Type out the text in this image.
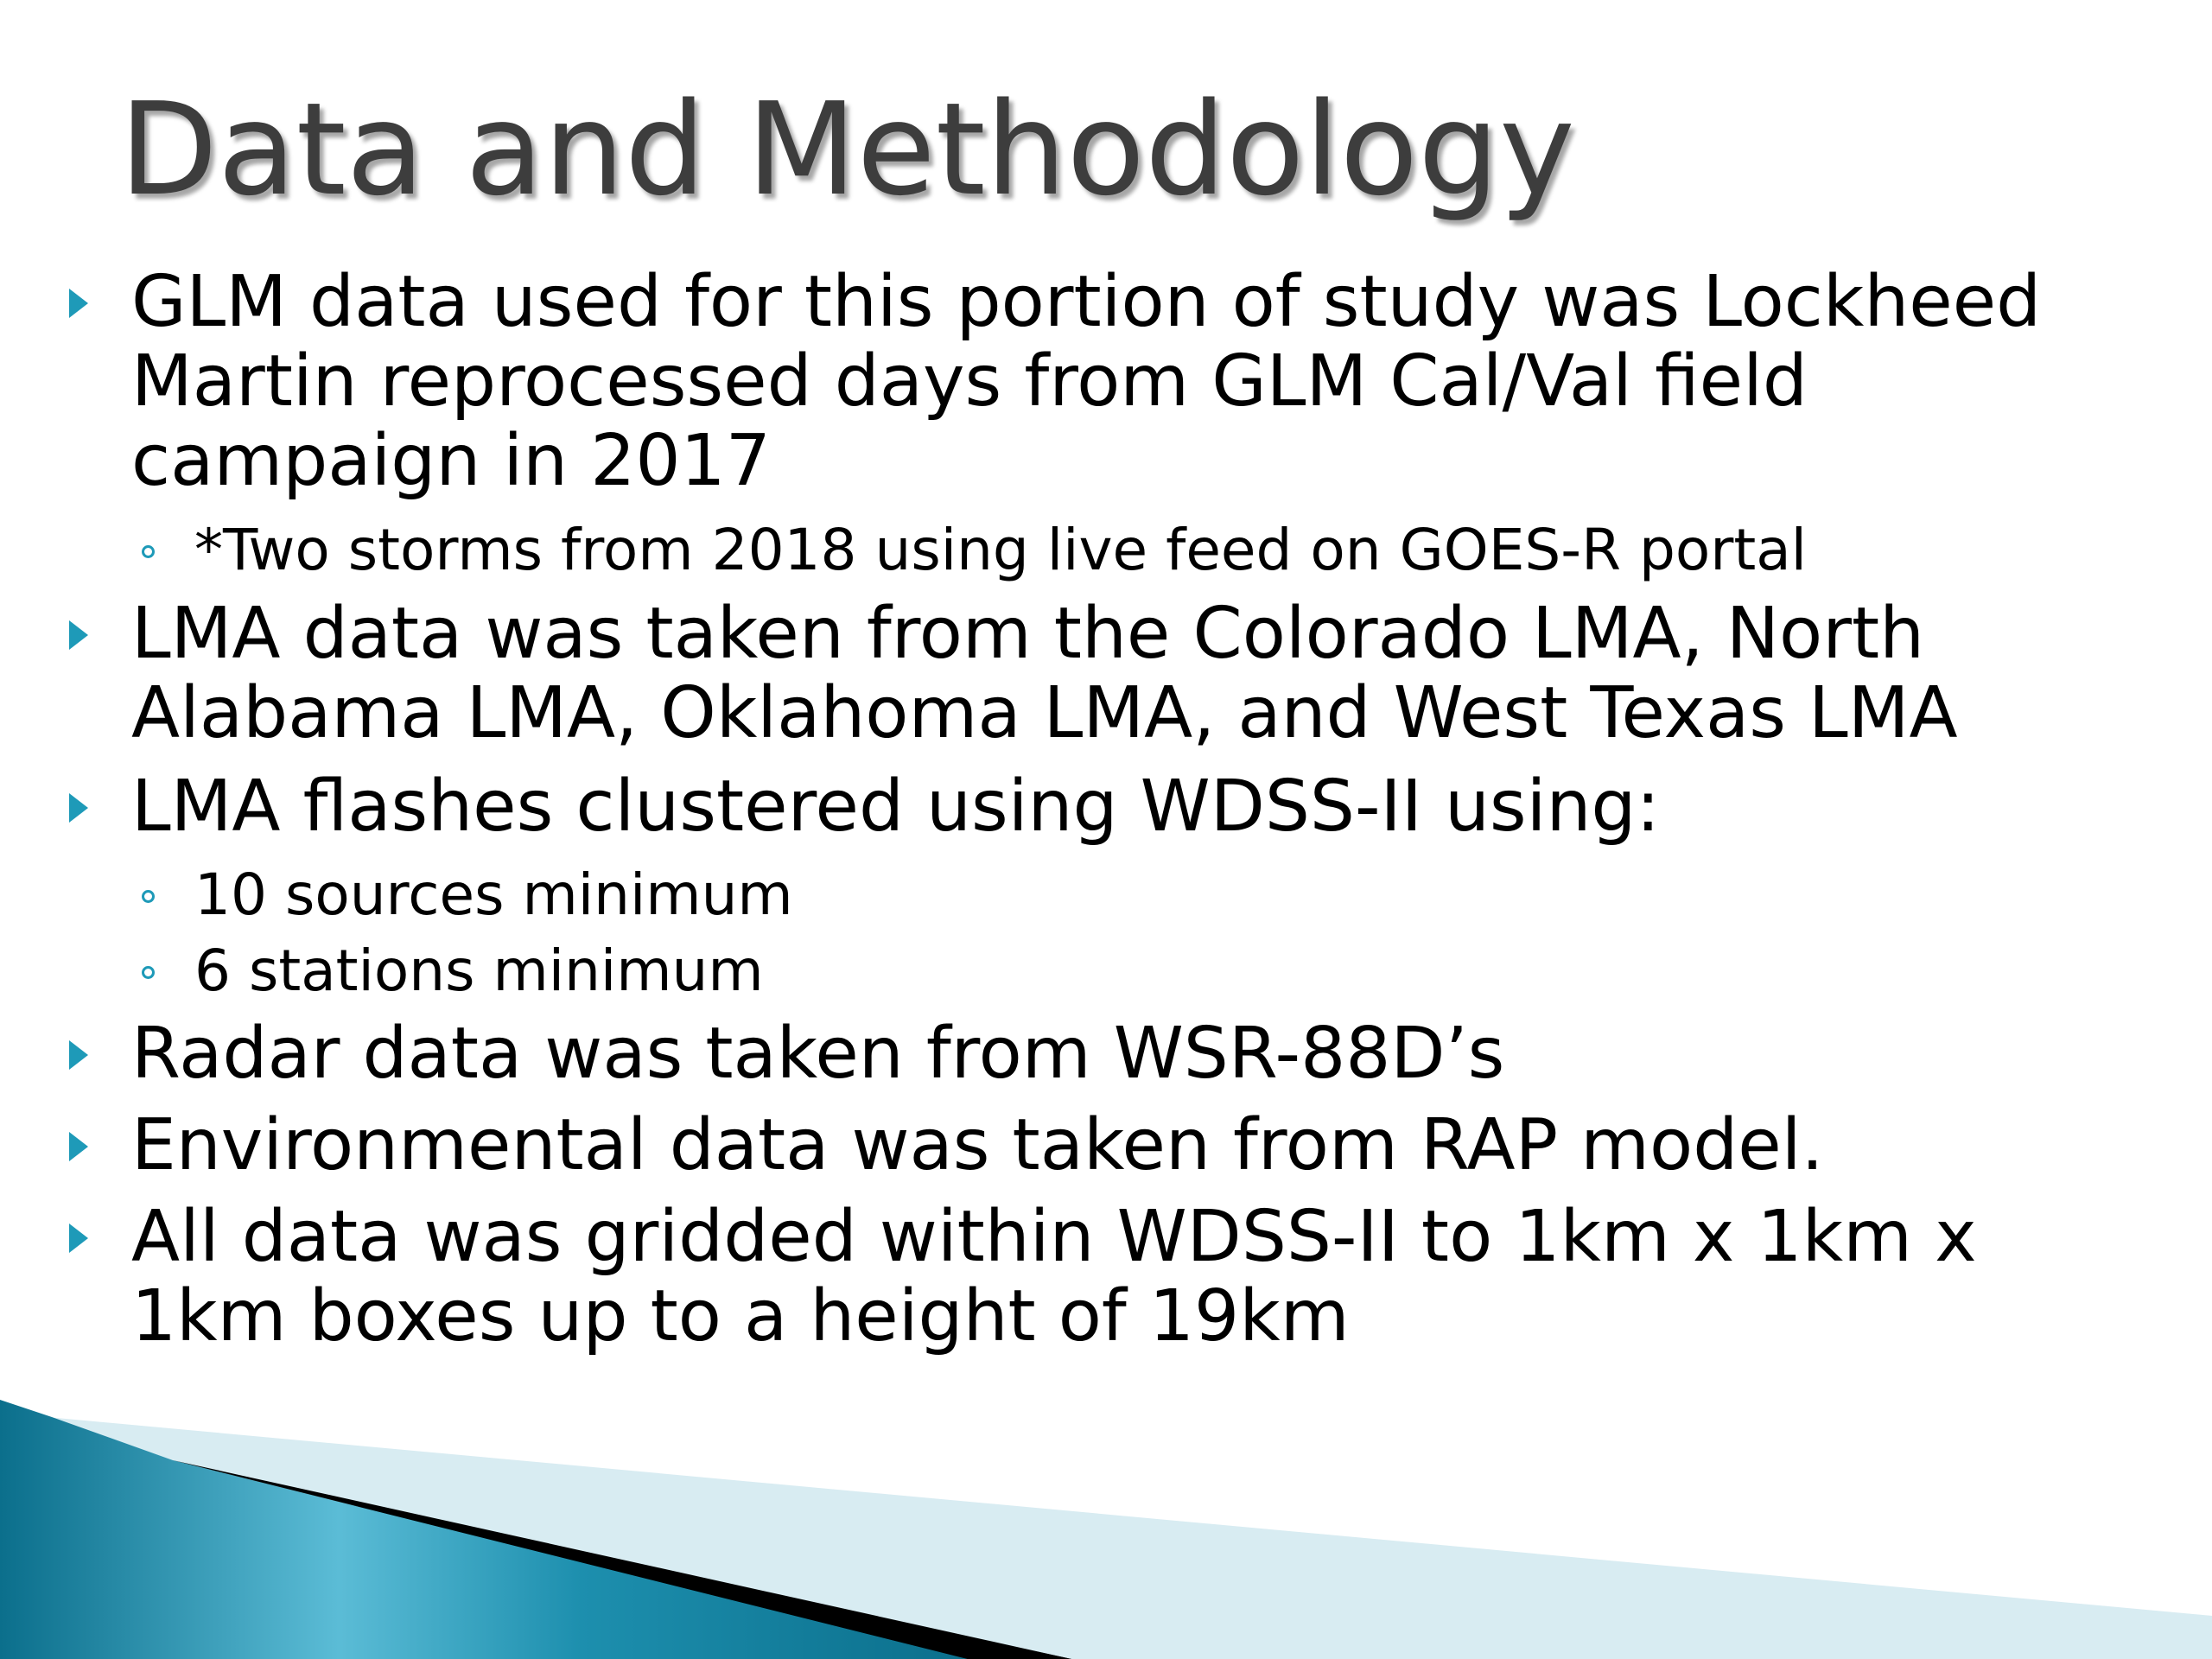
Data and Methodology
GLM data used for this portion of study was Lockheed
Martin reprocessed days from GLM Cal/Val field
campaign in 2017
*Two storms from 2018 using live feed on GOES-R portal
LMA data was taken from the Colorado LMA, North
Alabama LMA, Oklahoma LMA, and West Texas LMA
LMA flashes clustered using WDSS-II using:
10 sources minimum
6 stations minimum
Radar data was taken from WSR-88D’s
Environmental data was taken from RAP model.
All data was gridded within WDSS-II to 1km x 1km x
1km boxes up to a height of 19km
